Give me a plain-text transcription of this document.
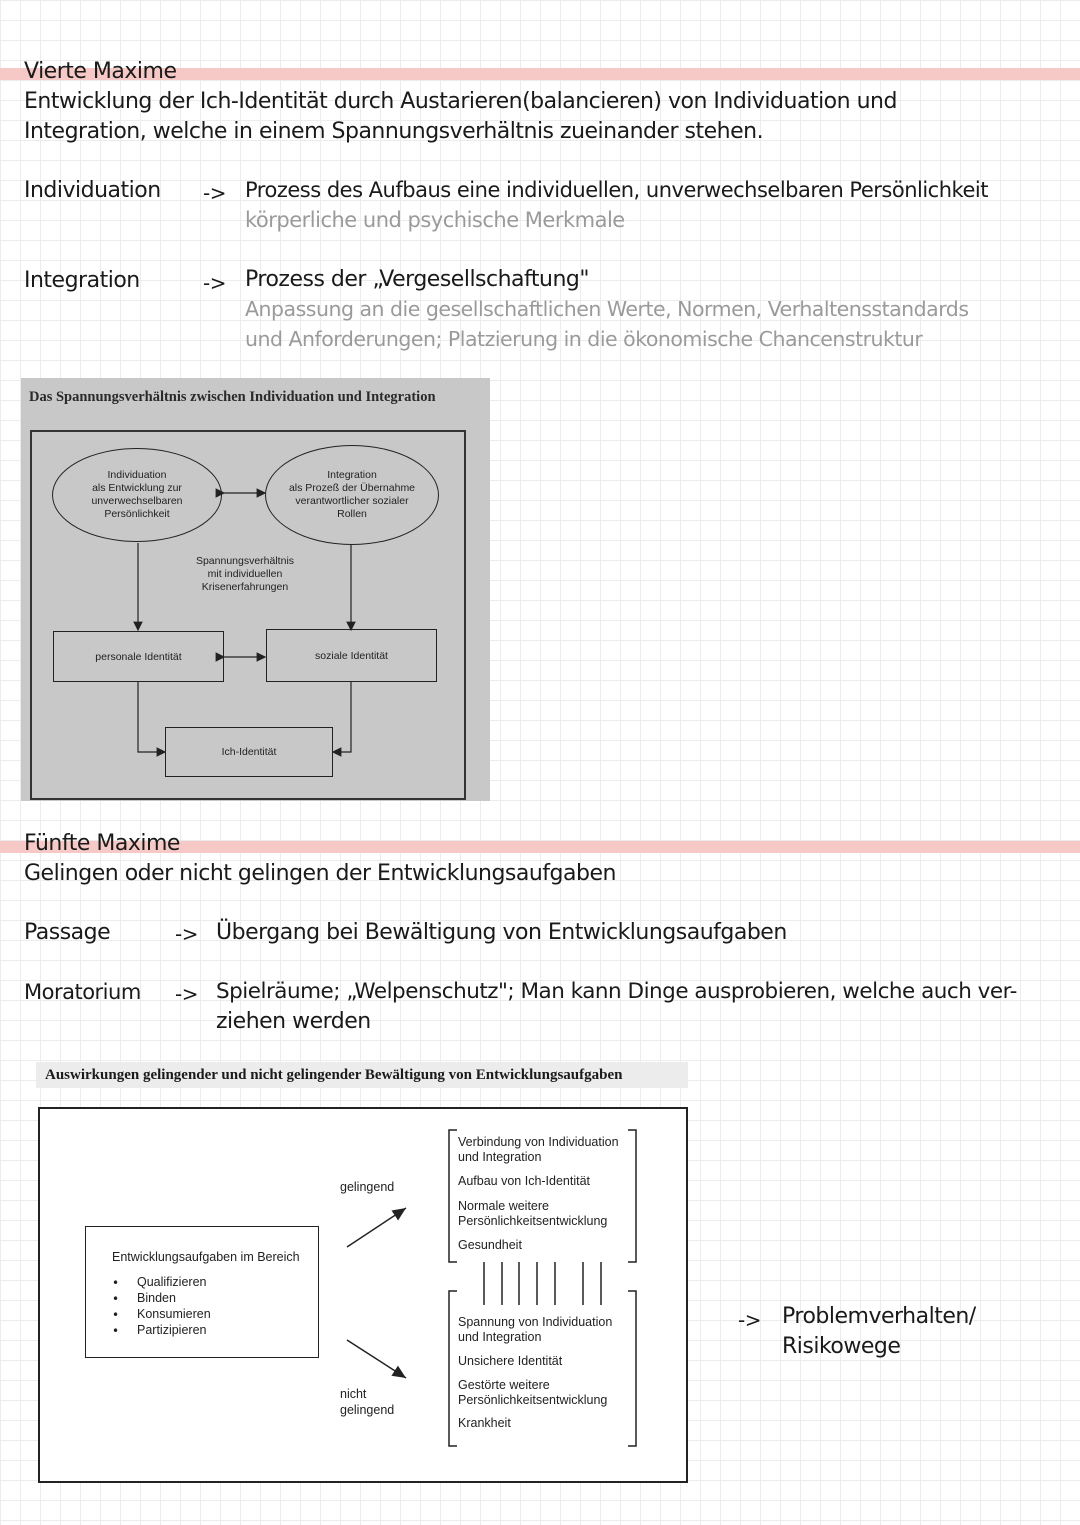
Vierte Maxime
Entwicklung der Ich-Identität durch Austarieren(balancieren) von Individuation und
Integration, welche in einem Spannungsverhältnis zueinander stehen.
Individuation -> Prozess des Aufbaus eine individuellen, unverwechselbaren Persönlichkeit
körperliche und psychische Merkmale
Integration	-> Prozess der „Vergesellschaftung"
Anpassung an die gesellschaftlichen Werte, Normen, Verhaltensstandards
und Anforderungen; Platzierung in die ökonomische Chancenstruktur
Das Spannungsverhältnis zwischen Individuation und Integration
Individuation
als Entwicklung zur
unverwechselbaren
Persönlichkeit
Integration
als Prozeß der Übernahme
verantwortlicher sozialer
Rollen
Spannungsverhältnis
mit individuellen
Krisenerfahrungen
personale Identität	soziale Identität
Ich-Identität
Fünfte Maxime
Gelingen oder nicht gelingen der Entwicklungsaufgaben
Passage	-> Übergang bei Bewältigung von Entwicklungsaufgaben
Moratorium -> Spielräume; „Welpenschutz"; Man kann Dinge ausprobieren, welche auch ver-
ziehen werden
Auswirkungen gelingender und nicht gelingender Bewältigung von Entwicklungsaufgaben
Entwicklungsaufgaben im Bereich
• Qualifizieren
• Binden
• Konsumieren
• Partizipieren
gelingend
nicht
gelingend
Verbindung von Individuation
und Integration
Aufbau von Ich-Identität
Normale weitere
Persönlichkeitsentwicklung
Gesundheit
Spannung von Individuation
und Integration
Unsichere Identität
Gestörte weitere
Persönlichkeitsentwicklung
Krankheit
-> Problemverhalten/
Risikowege
